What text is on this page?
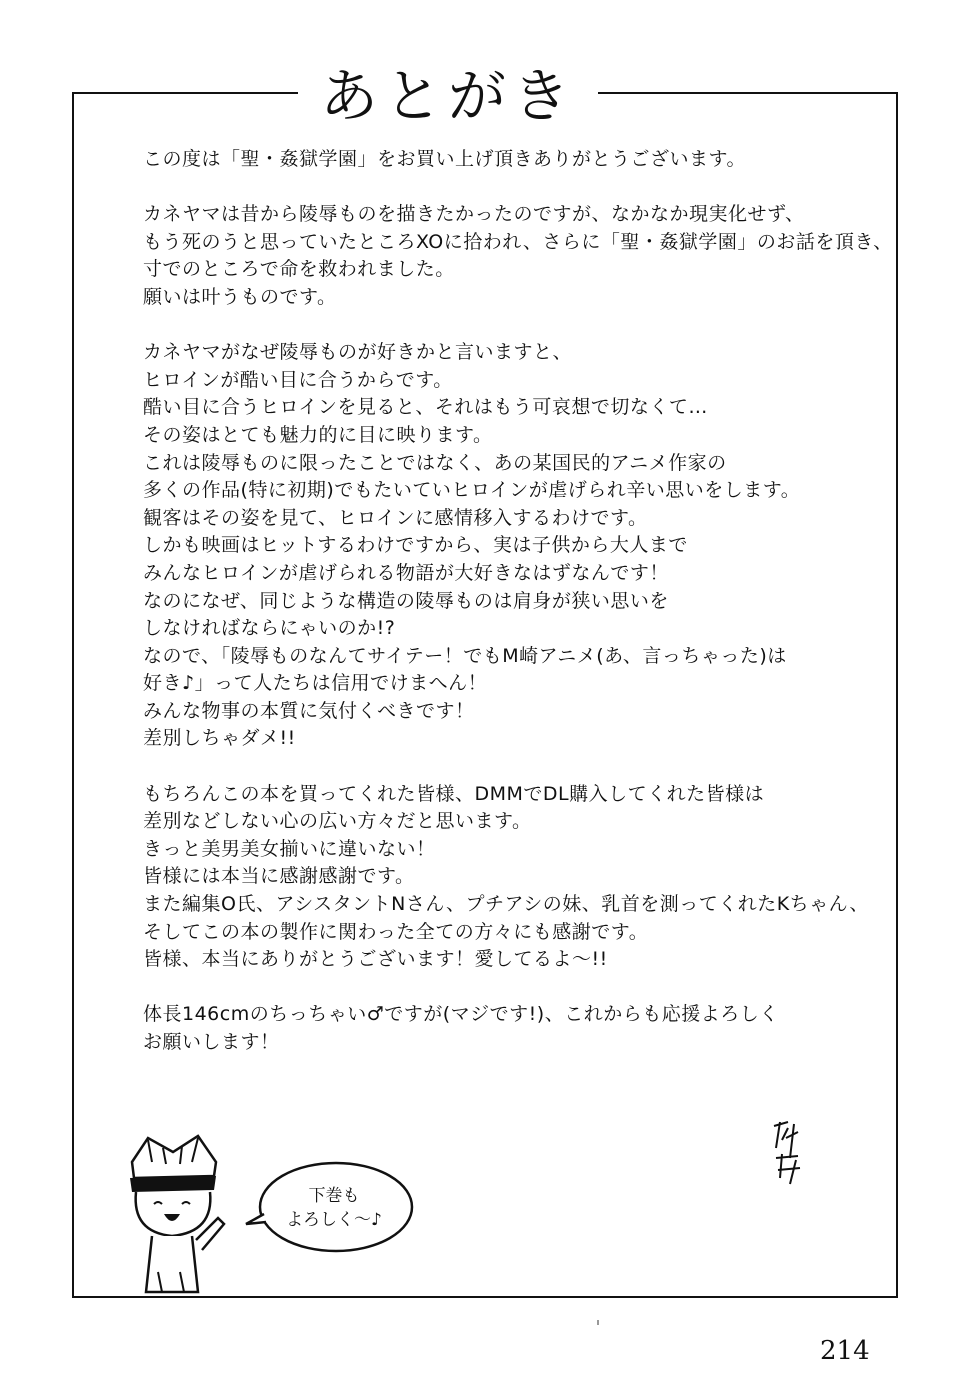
あとがき
この度は「聖・姦獄学園」をお買い上げ頂きありがとうございます。
カネヤマは昔から陵辱ものを描きたかったのですが、なかなか現実化せず、
もう死のうと思っていたところXOに拾われ、さらに「聖・姦獄学園」のお話を頂き、
寸でのところで命を救われました。
願いは叶うものです。
カネヤマがなぜ陵辱ものが好きかと言いますと、
ヒロインが酷い目に合うからです。
酷い目に合うヒロインを見ると、それはもう可哀想で切なくて…
その姿はとても魅力的に目に映ります。
これは陵辱ものに限ったことではなく、あの某国民的アニメ作家の
多くの作品(特に初期)でもたいていヒロインが虐げられ辛い思いをします。
観客はその姿を見て、ヒロインに感情移入するわけです。
しかも映画はヒットするわけですから、実は子供から大人まで
みんなヒロインが虐げられる物語が大好きなはずなんです！
なのになぜ、同じような構造の陵辱ものは肩身が狭い思いを
しなければならにゃいのか!?
なので、「陵辱ものなんてサイテー！でもM崎アニメ(あ、言っちゃった)は
好き♪」って人たちは信用でけまへん！
みんな物事の本質に気付くべきです！
差別しちゃダメ!!
もちろんこの本を買ってくれた皆様、DMMでDL購入してくれた皆様は
差別などしない心の広い方々だと思います。
きっと美男美女揃いに違いない！
皆様には本当に感謝感謝です。
また編集O氏、アシスタントNさん、プチアシの妹、乳首を測ってくれたKちゃん、
そしてこの本の製作に関わった全ての方々にも感謝です。
皆様、本当にありがとうございます！愛してるよ～!!
体長146cmのちっちゃい♂ですが(マジです!)、これからも応援よろしく
お願いします！
下巻も
よろしく～♪
214
